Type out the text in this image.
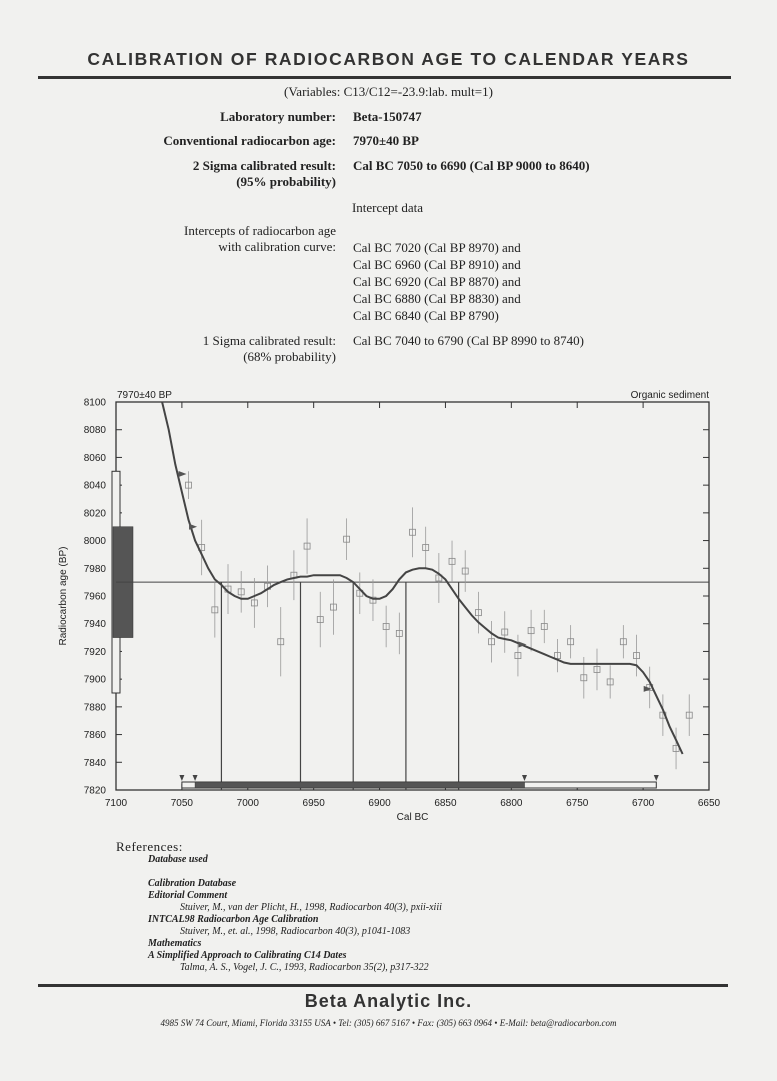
CALIBRATION OF RADIOCARBON AGE TO CALENDAR YEARS
(Variables: C13/C12=-23.9:lab. mult=1)
Laboratory number: Beta-150747
Conventional radiocarbon age: 7970±40 BP
2 Sigma calibrated result:
(95% probability)
Cal BC 7050 to 6690 (Cal BP 9000 to 8640)
Intercept data
Intercepts of radiocarbon age
with calibration curve: Cal BC 7020 (Cal BP 8970) and
Cal BC 6960 (Cal BP 8910) and
Cal BC 6920 (Cal BP 8870) and
Cal BC 6880 (Cal BP 8830) and
Cal BC 6840 (Cal BP 8790)
1 Sigma calibrated result:
(68% probability)
Cal BC 7040 to 6790 (Cal BP 8990 to 8740)
7100	7050	7000	6950	6900	6850	6800	6750	6700	6650
7820
7840
7860
7880
7900
7920
7940
7960
7980
8000
8020
8040
8060
8080
8100
Cal BC
Radiocarbon age (BP)
7970±40 BP	Organic sediment
References:
Database used
Calibration Database
Editorial Comment
Stuiver, M., van der Plicht, H., 1998, Radiocarbon 40(3), pxii-xiii
INTCAL98 Radiocarbon Age Calibration
Stuiver, M., et. al., 1998, Radiocarbon 40(3), p1041-1083
Mathematics
A Simplified Approach to Calibrating C14 Dates
Talma, A. S., Vogel, J. C., 1993, Radiocarbon 35(2), p317-322
Beta Analytic Inc.
4985 SW 74 Court, Miami, Florida 33155 USA • Tel: (305) 667 5167 • Fax: (305) 663 0964 • E-Mail: beta@radiocarbon.com
